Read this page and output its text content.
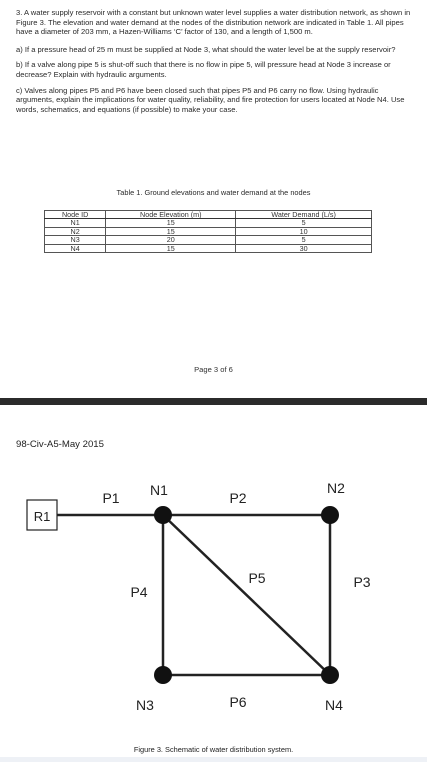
3. A water supply reservoir with a constant but unknown water level supplies a water distribution network, as shown in Figure 3. The elevation and water demand at the nodes of the distribution network are indicated in Table 1. All pipes have a diameter of 203 mm, a Hazen-Williams ‘C’ factor of 130, and a length of 1,500 m.

a) If a pressure head of 25 m must be supplied at Node 3, what should the water level be at the supply reservoir?

b) If a valve along pipe 5 is shut-off such that there is no flow in pipe 5, will pressure head at Node 3 increase or decrease? Explain with hydraulic arguments.

c) Valves along pipes P5 and P6 have been closed such that pipes P5 and P6 carry no flow. Using hydraulic arguments, explain the implications for water quality, reliability, and fire protection for users located at Node N4. Use words, schematics, and equations (if possible) to make your case.

Table 1. Ground elevations and water demand at the nodes
Node ID	Node Elevation (m)	Water Demand (L/s)
N1	15	5
N2	15	10
N3	20	5
N4	15	30
Page 3 of 6
98-Civ-A5-May 2015
R1
N1	N2
N3	N4
P1	P2
P3
P4
P5
P6
Figure 3. Schematic of water distribution system.
